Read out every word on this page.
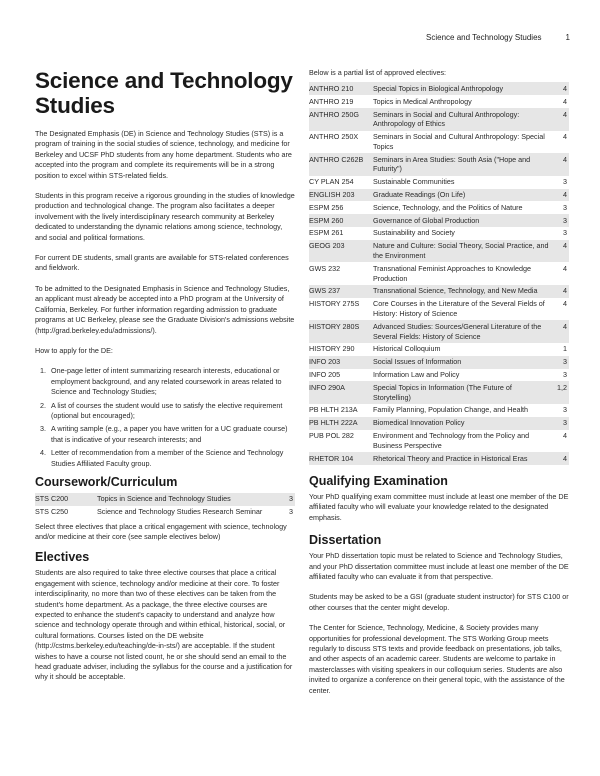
Science and Technology Studies	1
Science and Technology Studies

The Designated Emphasis (DE) in Science and Technology Studies (STS) is a program of training in the social studies of science, technology, and medicine for Berkeley and UCSF PhD students from any home department. Students who are accepted into the program and complete its requirements will be in a strong position to excel within STS-related fields.

Students in this program receive a rigorous grounding in the studies of knowledge production and technological change. The program also facilitates a deeper involvement with the lively interdisciplinary research community at Berkeley dedicated to understanding the dynamic relations among science, technology, and social and political formations.

For current DE students, small grants are available for STS-related conferences and fieldwork.

To be admitted to the Designated Emphasis in Science and Technology Studies, an applicant must already be accepted into a PhD program at the University of California, Berkeley. For further information regarding admission to graduate programs at UC Berkeley, please see the Graduate Division's admissions website (http://grad.berkeley.edu/admissions/).

How to apply for the DE:

1. One-page letter of intent summarizing research interests, educational or employment background, and any related coursework in areas related to Science and Technology Studies;
2. A list of courses the student would use to satisfy the elective requirement (optional but encouraged);
3. A writing sample (e.g., a paper you have written for a UC graduate course) that is indicative of your research interests; and
4. Letter of recommendation from a member of the Science and Technology Studies Affiliated Faculty group.
Coursework/Curriculum
STS C200	Topics in Science and Technology Studies	3
STS C250	Science and Technology Studies Research Seminar	3

Select three electives that place a critical engagement with science, technology and/or medicine at their core (see sample electives below)

Electives

Students are also required to take three elective courses that place a critical engagement with science, technology and/or medicine at their core. To foster interdisciplinarity, no more than two of these electives can be taken from the student's home department. As a package, the three elective courses are expected to enhance the student's capacity to understand and analyze how science and technology operate through and within ethical, historical, social, or cultural formations. Courses listed on the DE website (http://cstms.berkeley.edu/teaching/de-in-sts/) are acceptable. If the student wishes to have a course not listed count, he or she should send an email to the head graduate adviser, including the syllabus for the course and a justification for why it should be acceptable.

Below is a partial list of approved electives:

ANTHRO 210	Special Topics in Biological Anthropology	4
ANTHRO 219	Topics in Medical Anthropology	4
ANTHRO 250G	Seminars in Social and Cultural Anthropology: Anthropology of Ethics	4
ANTHRO 250X	Seminars in Social and Cultural Anthropology: Special Topics	4
ANTHRO C262B	Seminars in Area Studies: South Asia ("Hope and Futurity")	4
CY PLAN 254	Sustainable Communities	3
ENGLISH 203	Graduate Readings (On Life)	4
ESPM 256	Science, Technology, and the Politics of Nature	3
ESPM 260	Governance of Global Production	3
ESPM 261	Sustainability and Society	3
GEOG 203	Nature and Culture: Social Theory, Social Practice, and the Environment	4
GWS 232	Transnational Feminist Approaches to Knowledge Production	4
GWS 237	Transnational Science, Technology, and New Media	4
HISTORY 275S	Core Courses in the Literature of the Several Fields of History: History of Science	4
HISTORY 280S	Advanced Studies: Sources/General Literature of the Several Fields: History of Science	4
HISTORY 290	Historical Colloquium	1
INFO 203	Social Issues of Information	3
INFO 205	Information Law and Policy	3
INFO 290A	Special Topics in Information (The Future of Storytelling)	1,2
PB HLTH 213A	Family Planning, Population Change, and Health	3
PB HLTH 222A	Biomedical Innovation Policy	3
PUB POL 282	Environment and Technology from the Policy and Business Perspective	4
RHETOR 104	Rhetorical Theory and Practice in Historical Eras	4
Qualifying Examination

Your PhD qualifying exam committee must include at least one member of the DE affiliated faculty who will evaluate your knowledge related to the designated emphasis.

Dissertation

Your PhD dissertation topic must be related to Science and Technology Studies, and your PhD dissertation committee must include at least one member of the DE affiliated faculty who can evaluate it from that perspective.

Students may be asked to be a GSI (graduate student instructor) for STS C100 or other courses that the center might develop.

The Center for Science, Technology, Medicine, & Society provides many opportunities for professional development. The STS Working Group meets regularly to discuss STS texts and provide feedback on presentations, job talks, and other aspects of an academic career. Students are welcome to partake in masterclasses with visiting speakers in our colloquium series. Students are also invited to organize a conference on their general topic, with the assistance of the center.
